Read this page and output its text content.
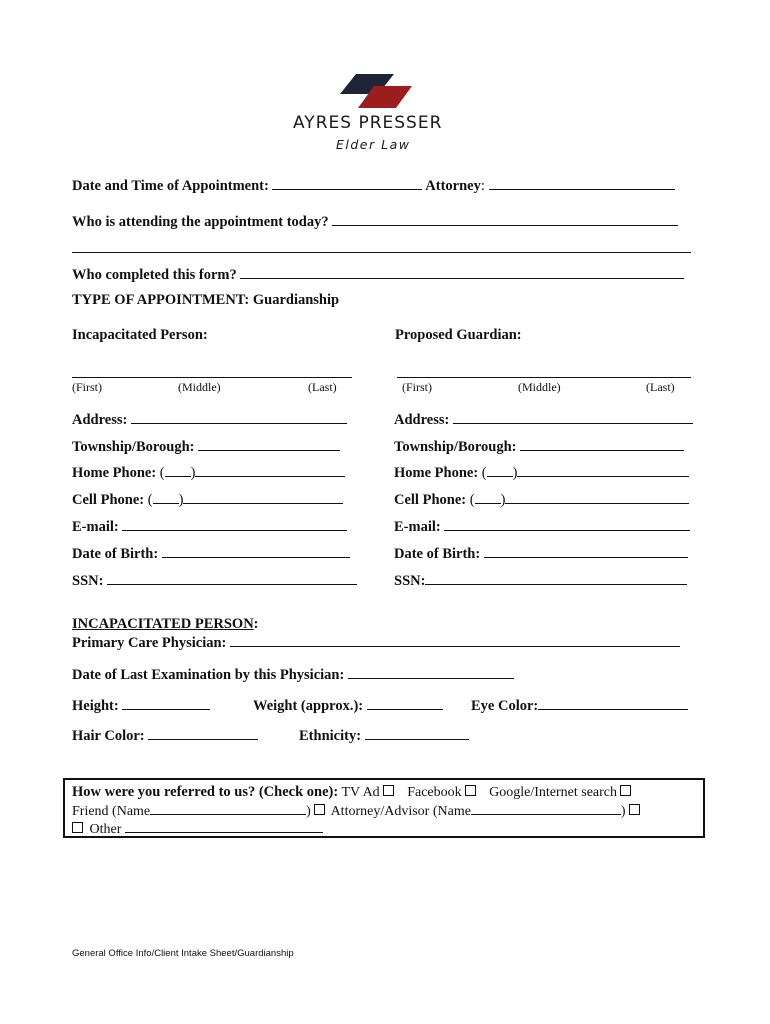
AYRES PRESSER
Elder Law
Date and Time of Appointment:	Attorney:
Who is attending the appointment today?
Who completed this form?
TYPE OF APPOINTMENT: Guardianship
Incapacitated Person:
(First)	(Middle)	(Last)
Address:
Township/Borough:
Home Phone: ( )
Cell Phone: ( )
E-mail:
Date of Birth:
SSN:
Proposed Guardian:
(First)	(Middle)	(Last)
Address:
Township/Borough:
Home Phone: ( )
Cell Phone: ( )
E-mail:
Date of Birth:
SSN:
INCAPACITATED PERSON:
Primary Care Physician:
Date of Last Examination by this Physician:
Height:	Weight (approx.):	Eye Color:
Hair Color:	Ethnicity:
How were you referred to us? (Check one): TV Ad Facebook Google/Internet search
Friend (Name	) Attorney/Advisor (Name	)
Other
General Office Info/Client Intake Sheet/Guardianship
